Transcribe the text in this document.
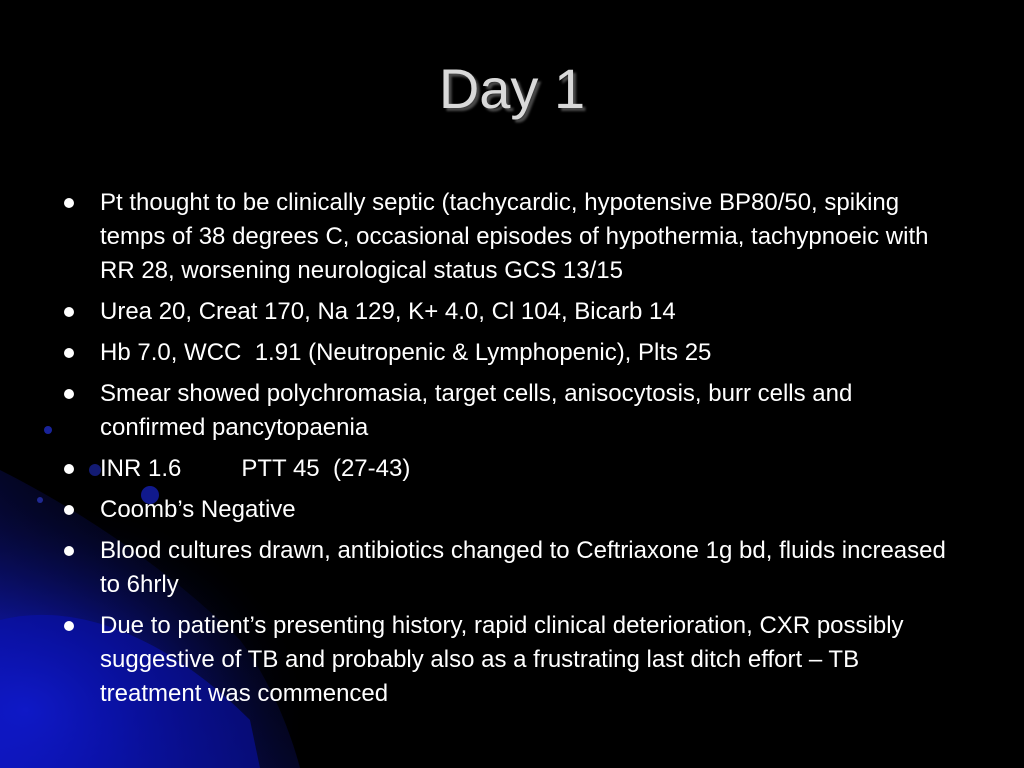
Day 1
Pt thought to be clinically septic (tachycardic, hypotensive BP80/50, spiking temps of 38 degrees C, occasional episodes of hypothermia, tachypnoeic with RR 28, worsening neurological status GCS 13/15
Urea 20, Creat 170, Na 129, K+ 4.0, Cl 104, Bicarb 14
Hb 7.0, WCC  1.91 (Neutropenic & Lymphopenic), Plts 25
Smear showed polychromasia, target cells, anisocytosis, burr cells and confirmed pancytopaenia
INR 1.6         PTT 45  (27-43)
Coomb’s Negative
Blood cultures drawn, antibiotics changed to Ceftriaxone 1g bd, fluids increased to 6hrly
Due to patient’s presenting history, rapid clinical deterioration, CXR possibly suggestive of TB and probably also as a frustrating last ditch effort – TB treatment was commenced
